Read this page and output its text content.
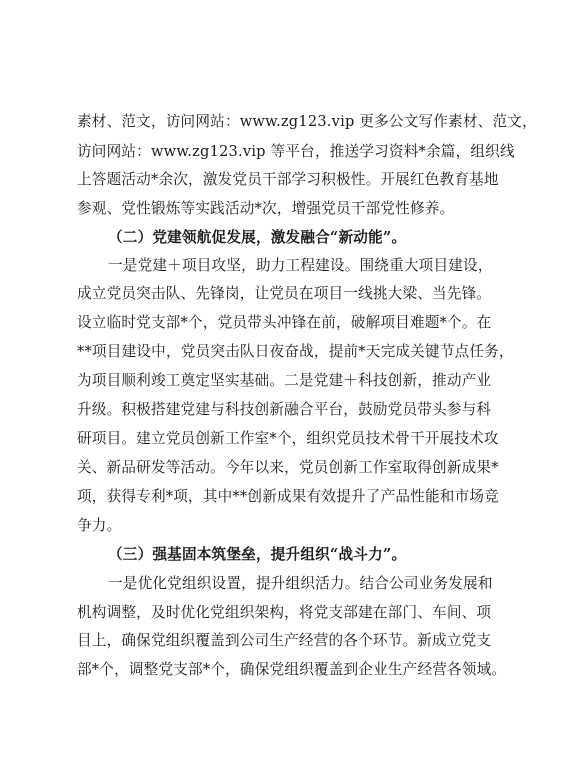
素材、范文，访问网站：www.zg123.vip 更多公文写作素材、范文，
访问网站：www.zg123.vip 等平台，推送学习资料*余篇，组织线
上答题活动*余次，激发党员干部学习积极性。开展红色教育基地
参观、党性锻炼等实践活动*次，增强党员干部党性修养。
（二）党建领航促发展，激发融合“新动能”。
一是党建＋项目攻坚，助力工程建设。围绕重大项目建设，
成立党员突击队、先锋岗，让党员在项目一线挑大梁、当先锋。
设立临时党支部*个，党员带头冲锋在前，破解项目难题*个。在
**项目建设中，党员突击队日夜奋战，提前*天完成关键节点任务，
为项目顺利竣工奠定坚实基础。二是党建＋科技创新，推动产业
升级。积极搭建党建与科技创新融合平台，鼓励党员带头参与科
研项目。建立党员创新工作室*个，组织党员技术骨干开展技术攻
关、新品研发等活动。今年以来，党员创新工作室取得创新成果*
项，获得专利*项，其中**创新成果有效提升了产品性能和市场竞
争力。
（三）强基固本筑堡垒，提升组织“战斗力”。
一是优化党组织设置，提升组织活力。结合公司业务发展和
机构调整，及时优化党组织架构，将党支部建在部门、车间、项
目上，确保党组织覆盖到公司生产经营的各个环节。新成立党支
部*个，调整党支部*个，确保党组织覆盖到企业生产经营各领域。
